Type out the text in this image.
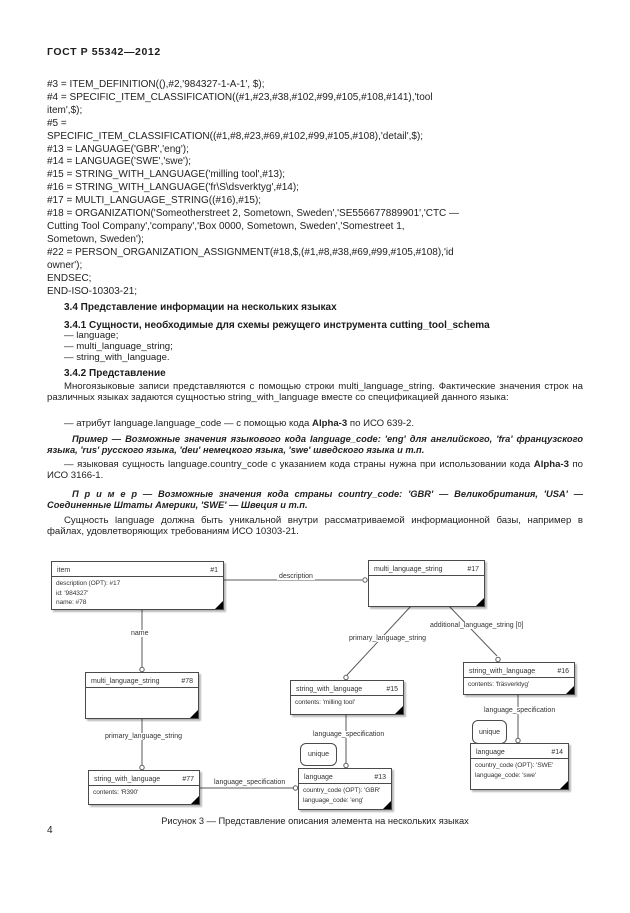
ГОСТ Р 55342—2012
#3 = ITEM_DEFINITION((),#2,'984327-1-A-1', $);
#4 = SPECIFIC_ITEM_CLASSIFICATION((#1,#23,#38,#102,#99,#105,#108,#141),'tool
item',$);
#5 =
SPECIFIC_ITEM_CLASSIFICATION((#1,#8,#23,#69,#102,#99,#105,#108),'detail',$);
#13 = LANGUAGE('GBR','eng');
#14 = LANGUAGE('SWE','swe');
#15 = STRING_WITH_LANGUAGE('milling tool',#13);
#16 = STRING_WITH_LANGUAGE('fr\S\dsverktyg',#14);
#17 = MULTI_LANGUAGE_STRING((#16),#15);
#18 = ORGANIZATION('Someotherstreet 2, Sometown, Sweden','SE556677889901','CTC —
Cutting Tool Company','company','Box 0000, Sometown, Sweden','Somestreet 1,
Sometown, Sweden');
#22 = PERSON_ORGANIZATION_ASSIGNMENT(#18,$,(#1,#8,#38,#69,#99,#105,#108),'id
owner');
ENDSEC;
END-ISO-10303-21;
3.4 Представление информации на нескольких языках
3.4.1 Сущности, необходимые для схемы режущего инструмента cutting_tool_schema
— language;
— multi_language_string;
— string_with_language.
3.4.2 Представление
Многоязыковые записи представляются с помощью строки multi_language_string. Фактические значения строк на различных языках задаются сущностью string_with_language вместе со спецификацией данного языка:
— атрибут language.language_code — с помощью кода Alpha-3 по ИСО 639-2.
Пример — Возможные значения языкового кода language_code: 'eng' для английского, 'fra' французского языка, 'rus' русского языка, 'deu' немецкого языка, 'swe' шведского языка и т.п.
— языковая сущность language.country_code с указанием кода страны нужна при использовании кода Alpha-3 по ИСО 3166-1.
П р и м е р — Возможные значения кода страны country_code: 'GBR' — Великобритания, 'USA' — Соединенные Штаты Америки, 'SWE' — Швеция и т.п.
Сущность language должна быть уникальной внутри рассматриваемой информационной базы, например в файлах, удовлетворяющих требованиям ИСО 10303-21.
item	#1
description (OPT): #17
id: '984327'
name: #78
multi_language_string	#17
multi_language_string	#78
string_with_language	#15
contents: 'milling tool'
string_with_language	#16
contents: 'fräsverktyg'
string_with_language	#77
contents: 'R390'
language	#13
country_code (OPT): 'GBR'
language_code: 'eng'
language	#14
country_code (OPT): 'SWE'
language_code: 'swe'
unique
unique
description
name
primary_language_string
language_specification
primary_language_string
additional_language_string [0]
language_specification
language_specification
Рисунок 3 — Представление описания элемента на нескольких языках
4
